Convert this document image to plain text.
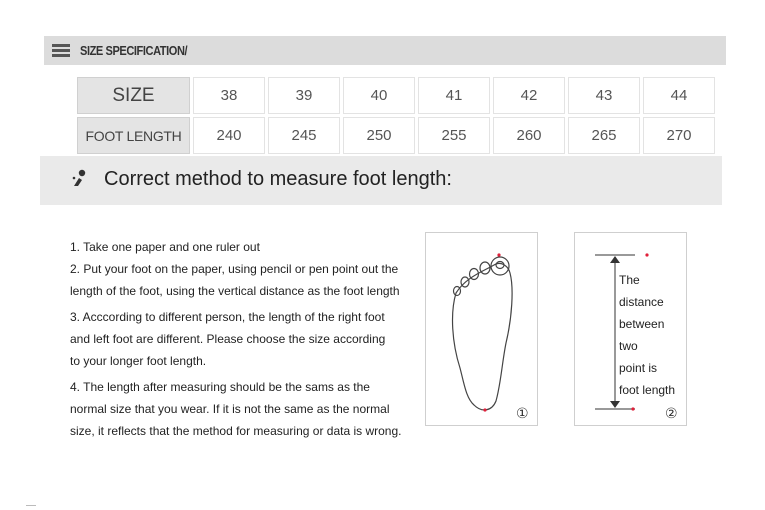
SIZE SPECIFICATION/
SIZE	38	39	40	41	42	43	44
FOOT LENGTH	240	245	250	255	260	265	270
Correct method to measure foot length:

1. Take one paper and one ruler out

2. Put your foot on the paper, using pencil or pen point out the

length of the foot, using the vertical distance as the foot length

3. Acccording to different person, the length of the right foot

and left foot are different. Please choose the size according

to your longer foot length.

4. The length after measuring should be the sams as the

normal size that you wear. If it is not the same as the normal

size, it reflects that the method for measuring or data is wrong.

①
The
distance
between
two
point is
foot length
②
